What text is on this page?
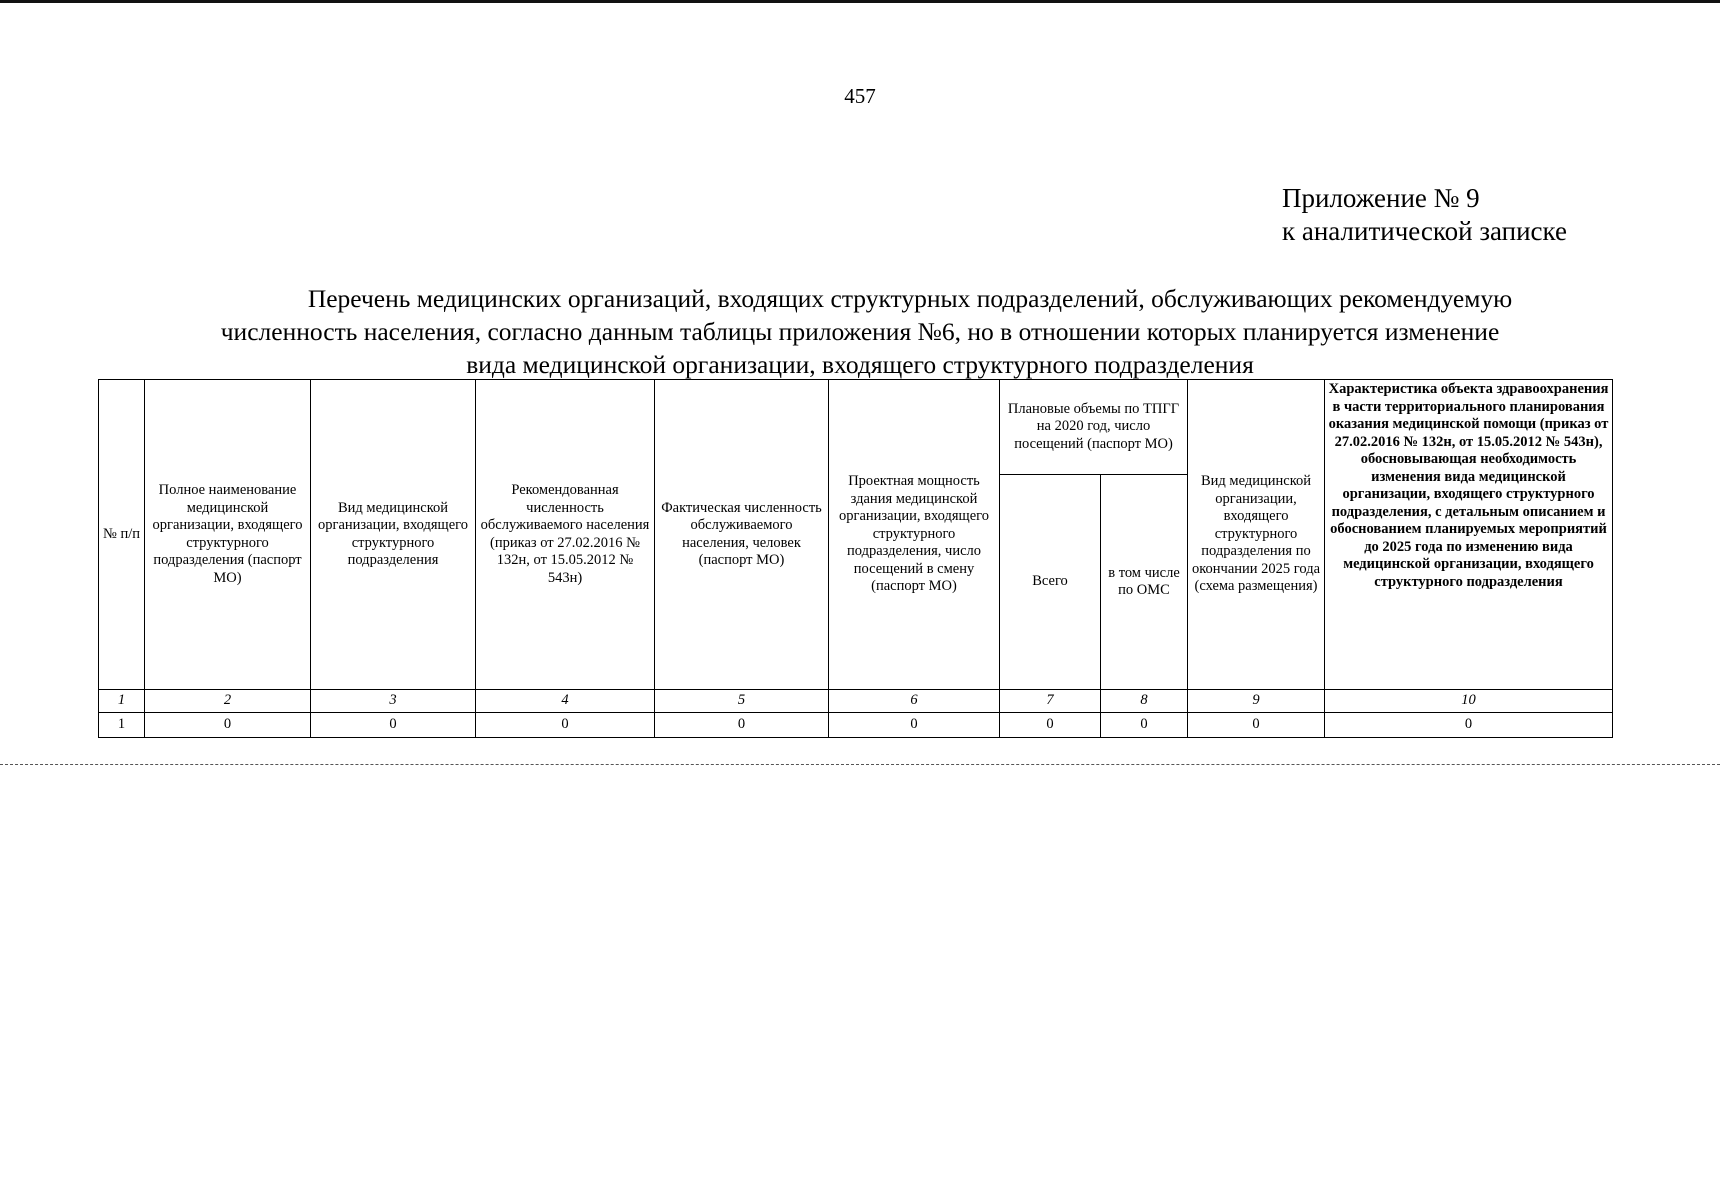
457
Приложение № 9
к аналитической записке
Перечень медицинских организаций, входящих структурных подразделений, обслуживающих рекомендуемую
численность населения, согласно данным таблицы приложения №6, но в отношении которых планируется изменение
вида медицинской организации, входящего структурного подразделения
№ п/п	Полное наименование медицинской организации, входящего структурного подразделения (паспорт МО)	Вид медицинской организации, входящего структурного подразделения	Рекомендованная численность обслуживаемого населения (приказ от 27.02.2016 № 132н, от 15.05.2012 № 543н)	Фактическая численность обслуживаемого населения, человек (паспорт МО)	Проектная мощность здания медицинской организации, входящего структурного подразделения, число посещений в смену (паспорт МО)	Плановые объемы по ТПГГ на 2020 год, число посещений (паспорт МО)		Вид медицинской организации, входящего структурного подразделения по окончании 2025 года (схема размещения)	Характеристика объекта здравоохранения в части территориального планирования оказания медицинской помощи (приказ от 27.02.2016 № 132н, от 15.05.2012 № 543н), обосновывающая необходимость изменения вида медицинской организации, входящего структурного подразделения, с детальным описанием и обоснованием планируемых мероприятий до 2025 года по изменению вида медицинской организации, входящего структурного подразделения
						Всего	в том числе по ОМС		
1	2	3	4	5	6	7	8	9	10
1	0	0	0	0	0	0	0	0	0
